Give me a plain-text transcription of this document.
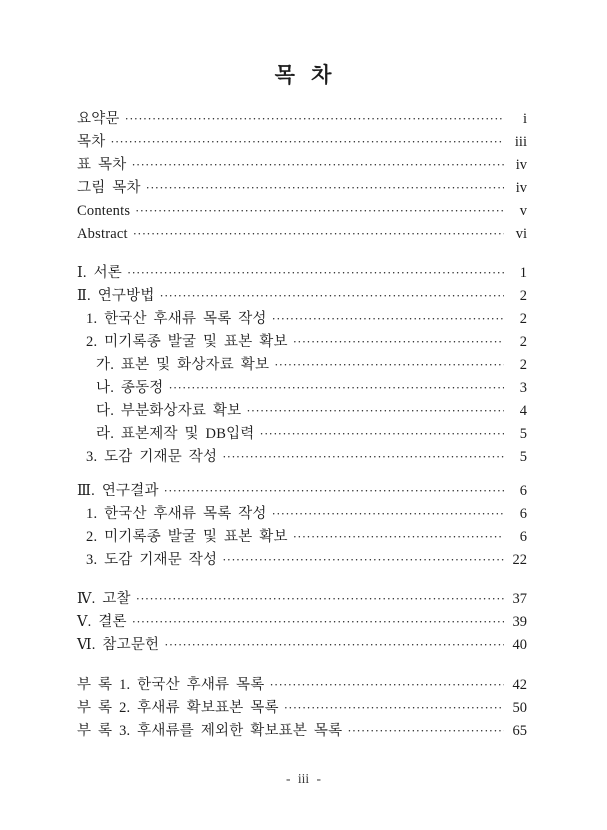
목 차
요약문 ·····	i
목차 ·····	iii
표 목차 ·····	iv
그림 목차 ·····	iv
Contents ·····	v
Abstract ·····	vi
Ⅰ. 서론 ·····	1
Ⅱ. 연구방법 ·····	2
1. 한국산 후새류 목록 작성 ·····	2
2. 미기록종 발굴 및 표본 확보 ·····	2
가. 표본 및 화상자료 확보 ·····	2
나. 종동정 ·····	3
다. 부분화상자료 확보 ·····	4
라. 표본제작 및 DB입력 ·····	5
3. 도감 기재문 작성 ·····	5
Ⅲ. 연구결과 ·····	6
1. 한국산 후새류 목록 작성 ·····	6
2. 미기록종 발굴 및 표본 확보 ·····	6
3. 도감 기재문 작성 ·····	22
Ⅳ. 고찰 ·····	37
Ⅴ. 결론 ·····	39
Ⅵ. 참고문헌 ·····	40
부 록 1. 한국산 후새류 목록 ·····	42
부 록 2. 후새류 확보표본 목록 ·····	50
부 록 3. 후새류를 제외한 확보표본 목록 ·····	65
- iii -
